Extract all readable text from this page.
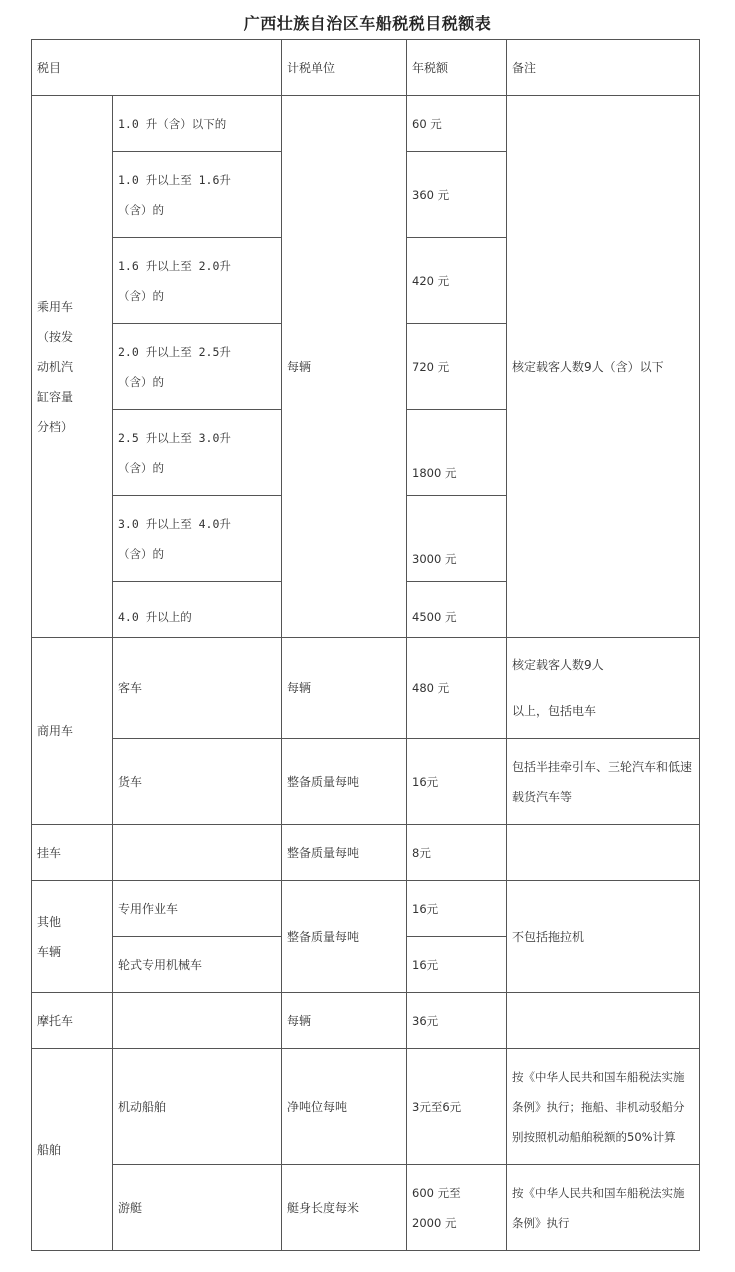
广西壮族自治区车船税税目税额表
税目		计税单位	年税额	备注

乘用车
（按发
动机汽
缸容量
分档）	1.0 升（含）以下的	每辆	60 元	核定载客人数9人（含）以下

	1.0 升以上至 1.6升
（含）的		360 元	

	1.6 升以上至 2.0升
（含）的		420 元	

	2.0 升以上至 2.5升
（含）的		720 元	

	2.5 升以上至 3.0升
（含）的		1800 元	

	3.0 升以上至 4.0升
（含）的		3000 元	

	4.0 升以上的		4500 元	
商用车	客车	每辆	480 元	核定载客人数9人
以上，包括电车

	货车	整备质量每吨	16元	包括半挂牵引车、三轮汽车和低速
载货汽车等

挂车		整备质量每吨	8元	

其他
车辆	专用作业车	整备质量每吨	16元	不包括拖拉机
	轮式专用机械车		16元	
摩托车		每辆	36元	
船舶	机动船舶	净吨位每吨	3元至6元	按《中华人民共和国车船税法实施
条例》执行；拖船、非机动驳船分
别按照机动船舶税额的50%计算

	游艇	艇身长度每米	600 元至
2000 元	按《中华人民共和国车船税法实施
条例》执行
